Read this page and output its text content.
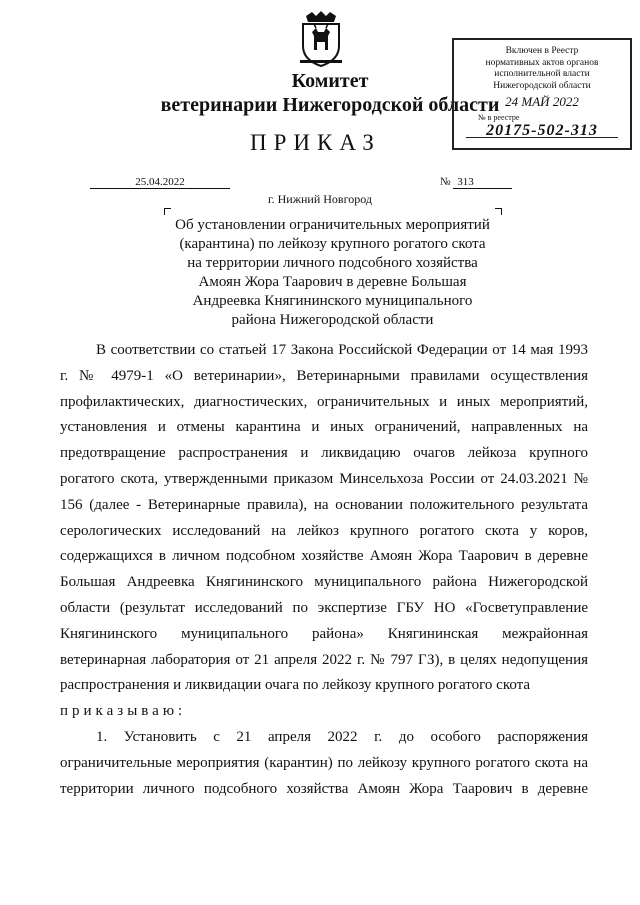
Комитет
ветеринарии Нижегородской области
ПРИКАЗ
Включен в Реестр
нормативных актов органов
исполнительной власти
Нижегородской области
24 МАЙ 2022
№ в реестре
20175-502-313
25.04.2022	№ 313
г. Нижний Новгород
Об установлении ограничительных мероприятий
(карантина) по лейкозу крупного рогатого скота
на территории личного подсобного хозяйства
Амоян Жора Таарович в деревне Большая
Андреевка Княгининского муниципального
района Нижегородской области
В соответствии со статьей 17 Закона Российской Федерации от 14 мая 1993
г. № 4979-1 «О ветеринарии», Ветеринарными правилами осуществления
профилактических, диагностических, ограничительных и иных мероприятий,
установления и отмены карантина и иных ограничений, направленных на
предотвращение распространения и ликвидацию очагов лейкоза крупного
рогатого скота, утвержденными приказом Минсельхоза России от 24.03.2021 №
156 (далее - Ветеринарные правила), на основании положительного результата
серологических исследований на лейкоз крупного рогатого скота у коров,
содержащихся в личном подсобном хозяйстве Амоян Жора Таарович в деревне
Большая Андреевка Княгининского муниципального района Нижегородской
области (результат исследований по экспертизе ГБУ НО «Госветуправление
Княгининского муниципального района» Княгининская межрайонная
ветеринарная лаборатория от 21 апреля 2022 г. № 797 ГЗ), в целях недопущения
распространения и ликвидации очага по лейкозу крупного рогатого скота
приказываю:
1. Установить с 21 апреля 2022 г. до особого распоряжения
ограничительные мероприятия (карантин) по лейкозу крупного рогатого скота на
территории личного подсобного хозяйства Амоян Жора Таарович в деревне
